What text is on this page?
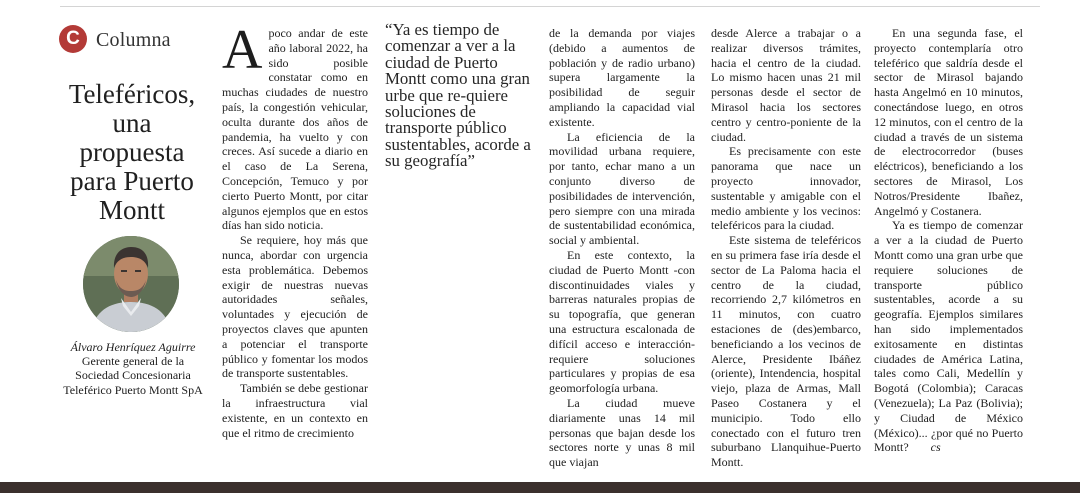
C Columna
Teleféricos,
una
propuesta
para Puerto
Montt
Álvaro Henríquez Aguirre
Gerente general de la
Sociedad Concesionaria
Teleférico Puerto Montt SpA
A poco andar de este año laboral 2022, ha sido posible constatar como en muchas ciudades de nuestro país, la congestión vehicular, oculta durante dos años de pandemia, ha vuelto y con creces. Así sucede a diario en el caso de La Serena, Concepción, Temuco y por cierto Puerto Montt, por citar algunos ejemplos que en estos días han sido noticia.

Se requiere, hoy más que nunca, abordar con urgencia esta problemática. Debemos exigir de nuestras nuevas autoridades señales, voluntades y ejecución de proyectos claves que apunten a potenciar el transporte público y fomentar los modos de transporte sustentables.

También se debe gestionar la infraestructura vial existente, en un contexto en que el ritmo de crecimiento

“Ya es tiempo de comenzar a ver a la ciudad de Puerto Montt como una gran urbe que re-quiere soluciones de transporte público sustentables, acorde a su geografía”

de la demanda por viajes (debido a aumentos de población y de radio urbano) supera largamente la posibilidad de seguir ampliando la capacidad vial existente.

La eficiencia de la movilidad urbana requiere, por tanto, echar mano a un conjunto diverso de posibilidades de intervención, pero siempre con una mirada de sustentabilidad económica, social y ambiental.

En este contexto, la ciudad de Puerto Montt -con discontinuidades viales y barreras naturales propias de su topografía, que generan una estructura escalonada de difícil acceso e interacción- requiere soluciones particulares y propias de esa geomorfología urbana.

La ciudad mueve diariamente unas 14 mil personas que bajan desde los sectores norte y unas 8 mil que viajan

desde Alerce a trabajar o a realizar diversos trámites, hacia el centro de la ciudad. Lo mismo hacen unas 21 mil personas desde el sector de Mirasol hacia los sectores centro y centro-poniente de la ciudad.

Es precisamente con este panorama que nace un proyecto innovador, sustentable y amigable con el medio ambiente y los vecinos: teleféricos para la ciudad.

Este sistema de teleféricos en su primera fase iría desde el sector de La Paloma hacia el centro de la ciudad, recorriendo 2,7 kilómetros en 11 minutos, con cuatro estaciones de (des)embarco, beneficiando a los vecinos de Alerce, Presidente Ibáñez (oriente), Intendencia, hospital viejo, plaza de Armas, Mall Paseo Costanera y el municipio. Todo ello conectado con el futuro tren suburbano Llanquihue-Puerto Montt.

En una segunda fase, el proyecto contemplaría otro teleférico que saldría desde el sector de Mirasol bajando hasta Angelmó en 10 minutos, conectándose luego, en otros 12 minutos, con el centro de la ciudad a través de un sistema de electrocorredor (buses eléctricos), beneficiando a los sectores de Mirasol, Los Notros/Presidente Ibañez, Angelmó y Costanera.

Ya es tiempo de comenzar a ver a la ciudad de Puerto Montt como una gran urbe que requiere soluciones de transporte público sustentables, acorde a su geografía. Ejemplos similares han sido implementados exitosamente en distintas ciudades de América Latina, tales como Cali, Medellín y Bogotá (Colombia); Caracas (Venezuela); La Paz (Bolivia); y Ciudad de México (México)... ¿por qué no Puerto Montt? cs
